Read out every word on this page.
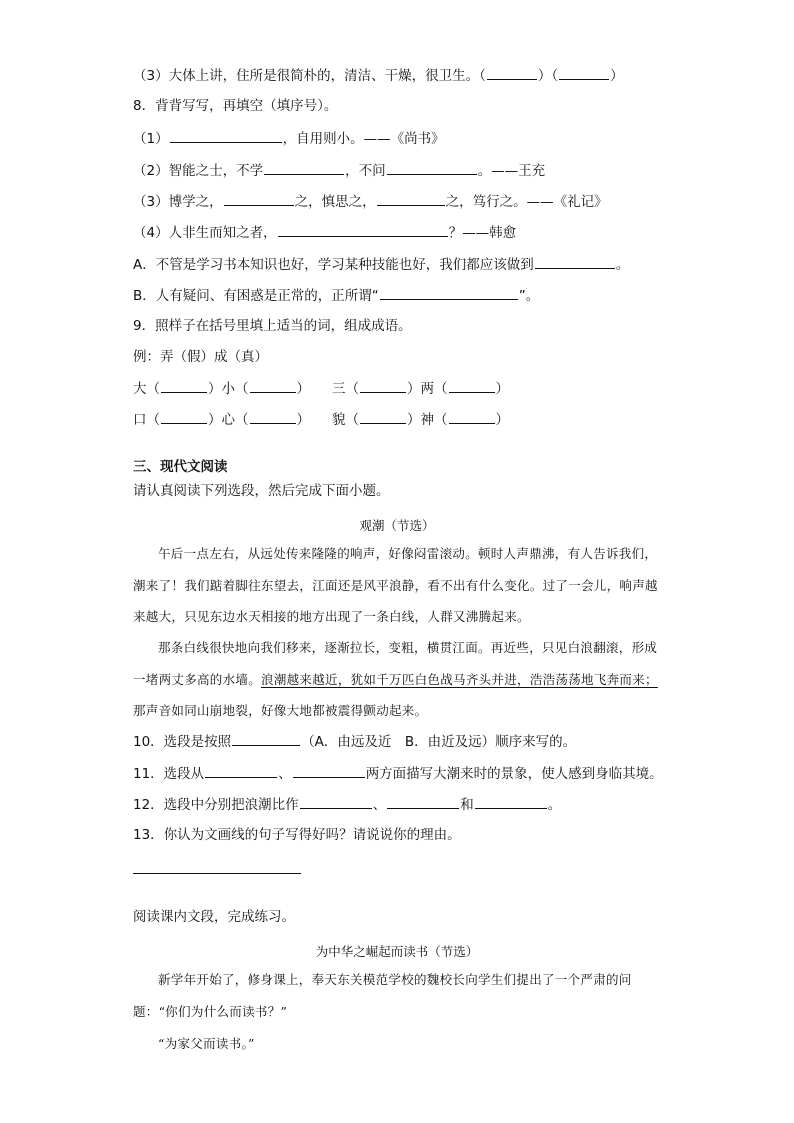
（3）大体上讲，住所是很简朴的，清洁、干燥，很卫生。（	）（	）
8．背背写写，再填空（填序号）。
（1）	，自用则小。——《尚书》
（2）智能之士，不学	，不问	。——王充
（3）博学之，	之，慎思之，	之，笃行之。——《礼记》
（4）人非生而知之者，	？——韩愈
A．不管是学习书本知识也好，学习某种技能也好，我们都应该做到	。
B．人有疑问、有困惑是正常的，正所谓“	”。
9．照样子在括号里填上适当的词，组成成语。
例：弄（假）成（真）
大（	）小（	） 三（	）两（	）
口（	）心（	） 貌（	）神（	）
三、现代文阅读
请认真阅读下列选段，然后完成下面小题。
观潮（节选）
午后一点左右，从远处传来隆隆的响声，好像闷雷滚动。顿时人声鼎沸，有人告诉我们，潮来了！我们踮着脚往东望去，江面还是风平浪静，看不出有什么变化。过了一会儿，响声越来越大，只见东边水天相接的地方出现了一条白线，人群又沸腾起来。
那条白线很快地向我们移来，逐渐拉长，变粗，横贯江面。再近些，只见白浪翻滚，形成一堵两丈多高的水墙。浪潮越来越近，犹如千万匹白色战马齐头并进，浩浩荡荡地飞奔而来；那声音如同山崩地裂，好像大地都被震得颤动起来。
10．选段是按照	（A．由远及近　B．由近及远）顺序来写的。
11．选段从	、	两方面描写大潮来时的景象，使人感到身临其境。
12．选段中分别把浪潮比作	、	和	。
13．你认为文画线的句子写得好吗？请说说你的理由。
阅读课内文段，完成练习。
为中华之崛起而读书（节选）
新学年开始了，修身课上，奉天东关模范学校的魏校长向学生们提出了一个严肃的问题：“你们为什么而读书？”
“为家父而读书。”
